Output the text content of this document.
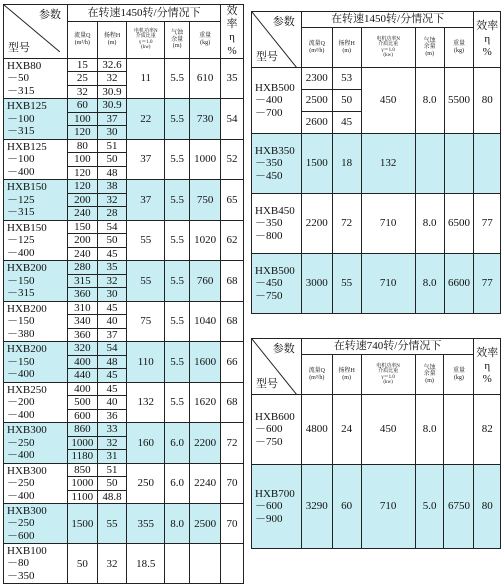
参数
型号	在转速1450转/分情况下					效率
η
%
	流量Q
(m³/h)	扬程H
(m)	电机功率N
介质比重
γ＝1.0
(kw)	气蚀
余量
(m)	重量
(kg)	
HXB80
－50
－315	15	32.6	11	5.5	610	35
	25	32				
	32	30.9				
HXB125
－100
－315	60	30.9	22	5.5	730	54
	100	37				
	120	30				
HXB125
－100
－400	80	51	37	5.5	1000	52
	100	50				
	120	48				
HXB150
－125
－315	120	38	37	5.5	750	65
	200	32				
	240	28				
HXB150
－125
－400	150	54	55	5.5	1020	62
	200	50				
	240	45				
HXB200
－150
－315	280	35	55	5.5	760	68
	315	32				
	360	30				
HXB200
－150
－380	310	45	75	5.5	1040	68
	340	40				
	360	37				
HXB200
－150
－400	320	54	110	5.5	1600	66
	400	48				
	440	45				
HXB250
－200
－400	400	45	132	5.5	1620	68
	500	40				
	600	36				
HXB300
－250
－400	860	33	160	6.0	2200	72
	1000	32				
	1180	31				
HXB300
－250
－400	850	51	250	6.0	2240	70
	1000	50				
	1100	48.8				
HXB300
－250
－600	1500	55	355	8.0	2500	70
HXB100
－80
－350	50	32	18.5			
参数
型号	在转速1450转/分情况下					效率
η
%
	流量Q
(m³/h)	扬程H
(m)	电机功率N
介质比重
γ＝1.0
(kw)	气蚀
余量
(m)	重量
(kg)	
HXB500
－400
－700	2300	53	450	8.0	5500	80
	2500	50				
	2600	45				
HXB350
－350
－450	1500	18	132			
HXB450
－350
－800	2200	72	710	8.0	6500	77
HXB500
－450
－750	3000	55	710	8.0	6600	77
参数
型号	在转速740转/分情况下					效率
η
%
	流量Q
(m³/h)	扬程H
(m)	电机功率N
介质比重
γ＝1.0
(kw)	气蚀
余量
(m)	重量
(kg)	
HXB600
－600
－750	4800	24	450	8.0		82
HXB700
－600
－900	3290	60	710	5.0	6750	80
